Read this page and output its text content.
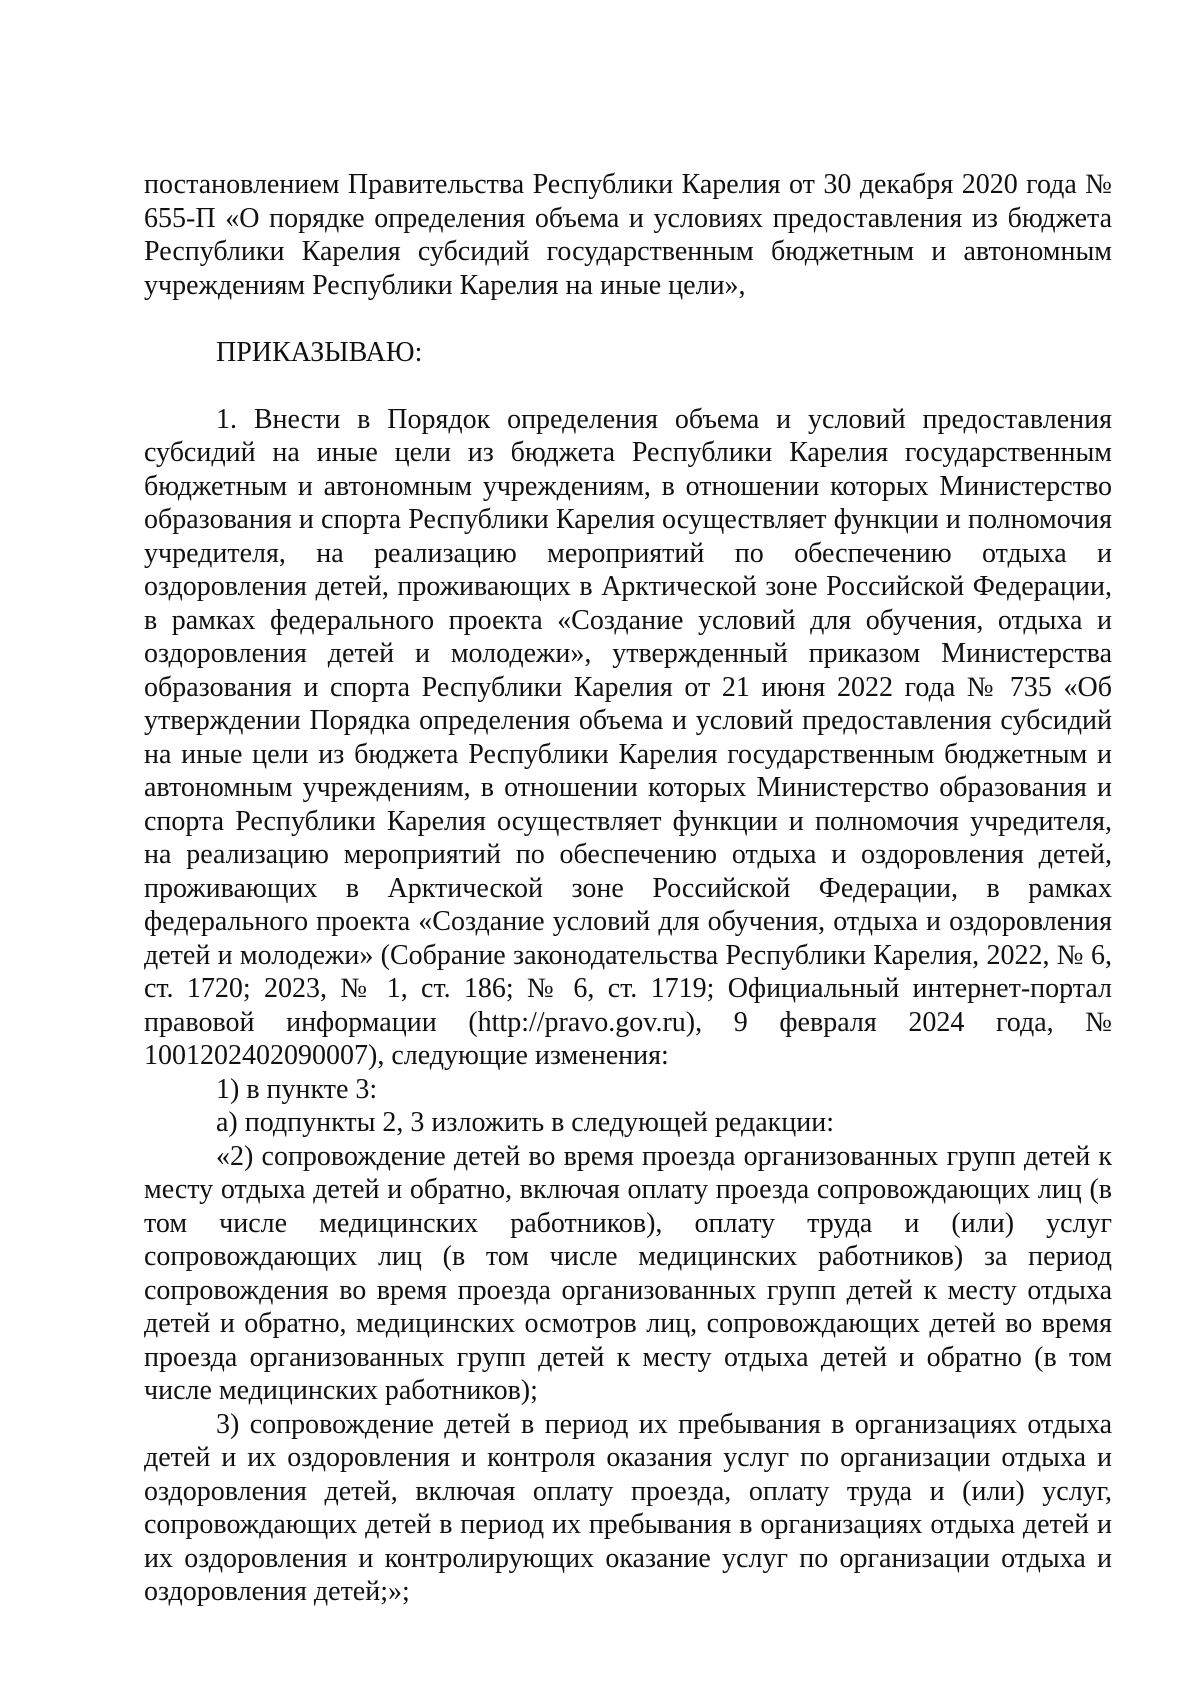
постановлением Правительства Республики Карелия от 30 декабря 2020 года № 655-П «О порядке определения объема и условиях предоставления из бюджета Республики Карелия субсидий государственным бюджетным и автономным учреждениям Республики Карелия на иные цели»,

ПРИКАЗЫВАЮ:

1. Внести в Порядок определения объема и условий предоставления субсидий на иные цели из бюджета Республики Карелия государственным бюджетным и автономным учреждениям, в отношении которых Министерство образования и спорта Республики Карелия осуществляет функции и полномочия учредителя, на реализацию мероприятий по обеспечению отдыха и оздоровления детей, проживающих в Арктической зоне Российской Федерации, в рамках федерального проекта «Создание условий для обучения, отдыха и оздоровления детей и молодежи», утвержденный приказом Министерства образования и спорта Республики Карелия от 21 июня 2022 года № 735 «Об утверждении Порядка определения объема и условий предоставления субсидий на иные цели из бюджета Республики Карелия государственным бюджетным и автономным учреждениям, в отношении которых Министерство образования и спорта Республики Карелия осуществляет функции и полномочия учредителя, на реализацию мероприятий по обеспечению отдыха и оздоровления детей, проживающих в Арктической зоне Российской Федерации, в рамках федерального проекта «Создание условий для обучения, отдыха и оздоровления детей и молодежи» (Собрание законодательства Республики Карелия, 2022, № 6, ст. 1720; 2023, № 1, ст. 186; № 6, ст. 1719; Официальный интернет-портал правовой информации (http://pravo.gov.ru), 9 февраля 2024 года, № 1001202402090007), следующие изменения:

1) в пункте 3:

а) подпункты 2, 3 изложить в следующей редакции:

«2) сопровождение детей во время проезда организованных групп детей к месту отдыха детей и обратно, включая оплату проезда сопровождающих лиц (в том числе медицинских работников), оплату труда и (или) услуг сопровождающих лиц (в том числе медицинских работников) за период сопровождения во время проезда организованных групп детей к месту отдыха детей и обратно, медицинских осмотров лиц, сопровождающих детей во время проезда организованных групп детей к месту отдыха детей и обратно (в том числе медицинских работников);

3) сопровождение детей в период их пребывания в организациях отдыха детей и их оздоровления и контроля оказания услуг по организации отдыха и оздоровления детей, включая оплату проезда, оплату труда и (или) услуг, сопровождающих детей в период их пребывания в организациях отдыха детей и их оздоровления и контролирующих оказание услуг по организации отдыха и оздоровления детей;»;
